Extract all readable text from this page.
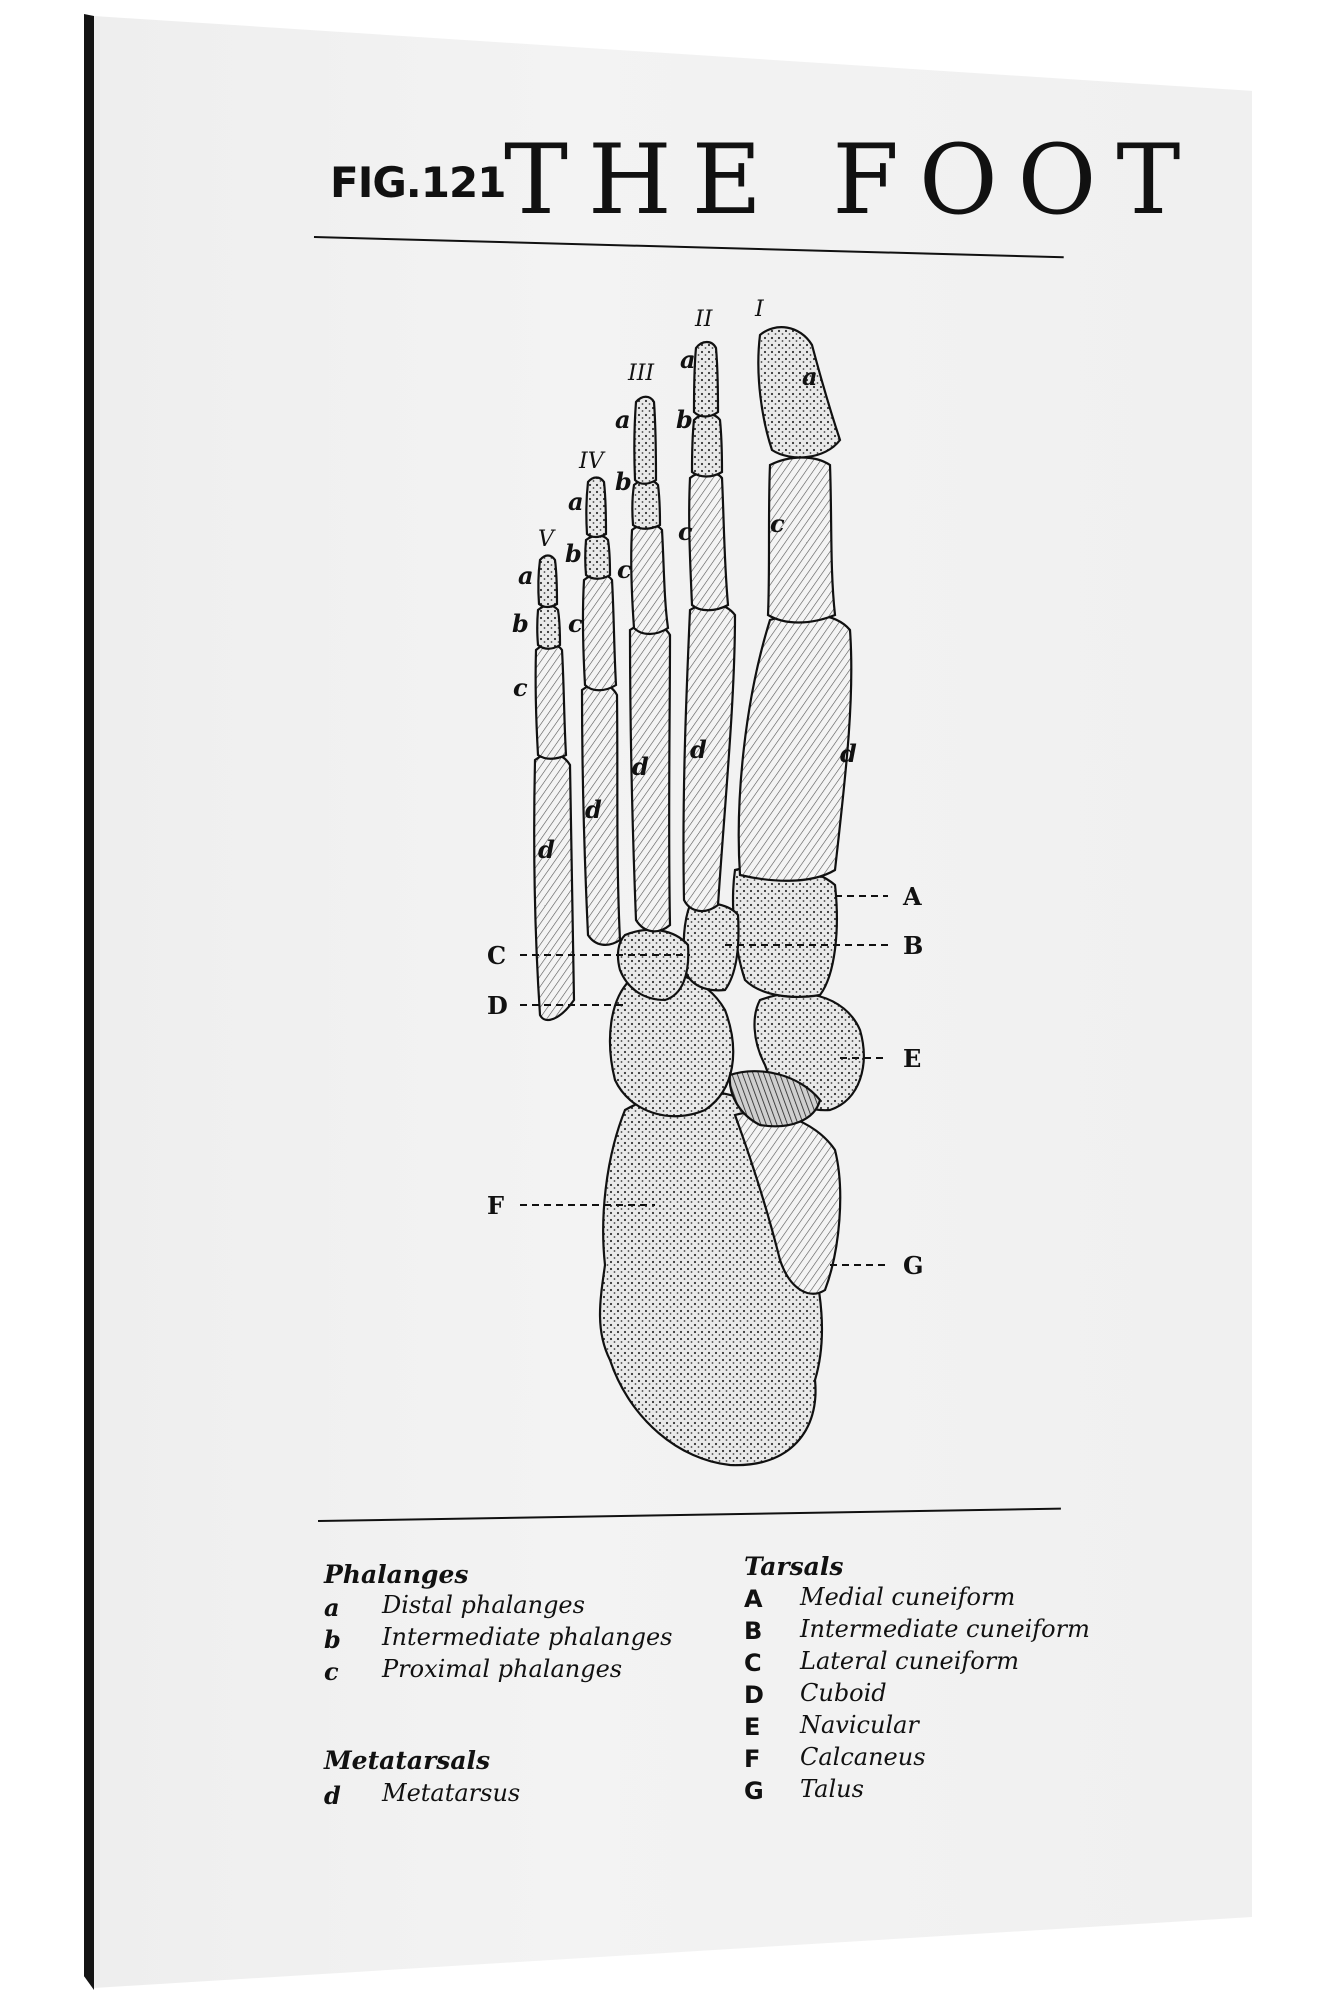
FIG.121
THE FOOT
I
II
III
IV
V
a
c
d
a
b
c
d
a
b
c
d
a
b
c
d
a
b
c
d
A
B
C
D
E
F
G
Phalanges
a Distal phalanges
b Intermediate phalanges
c Proximal phalanges
Metatarsals
d Metatarsus
Tarsals
A Medial cuneiform
B Intermediate cuneiform
C Lateral cuneiform
D Cuboid
E Navicular
F Calcaneus
G Talus
